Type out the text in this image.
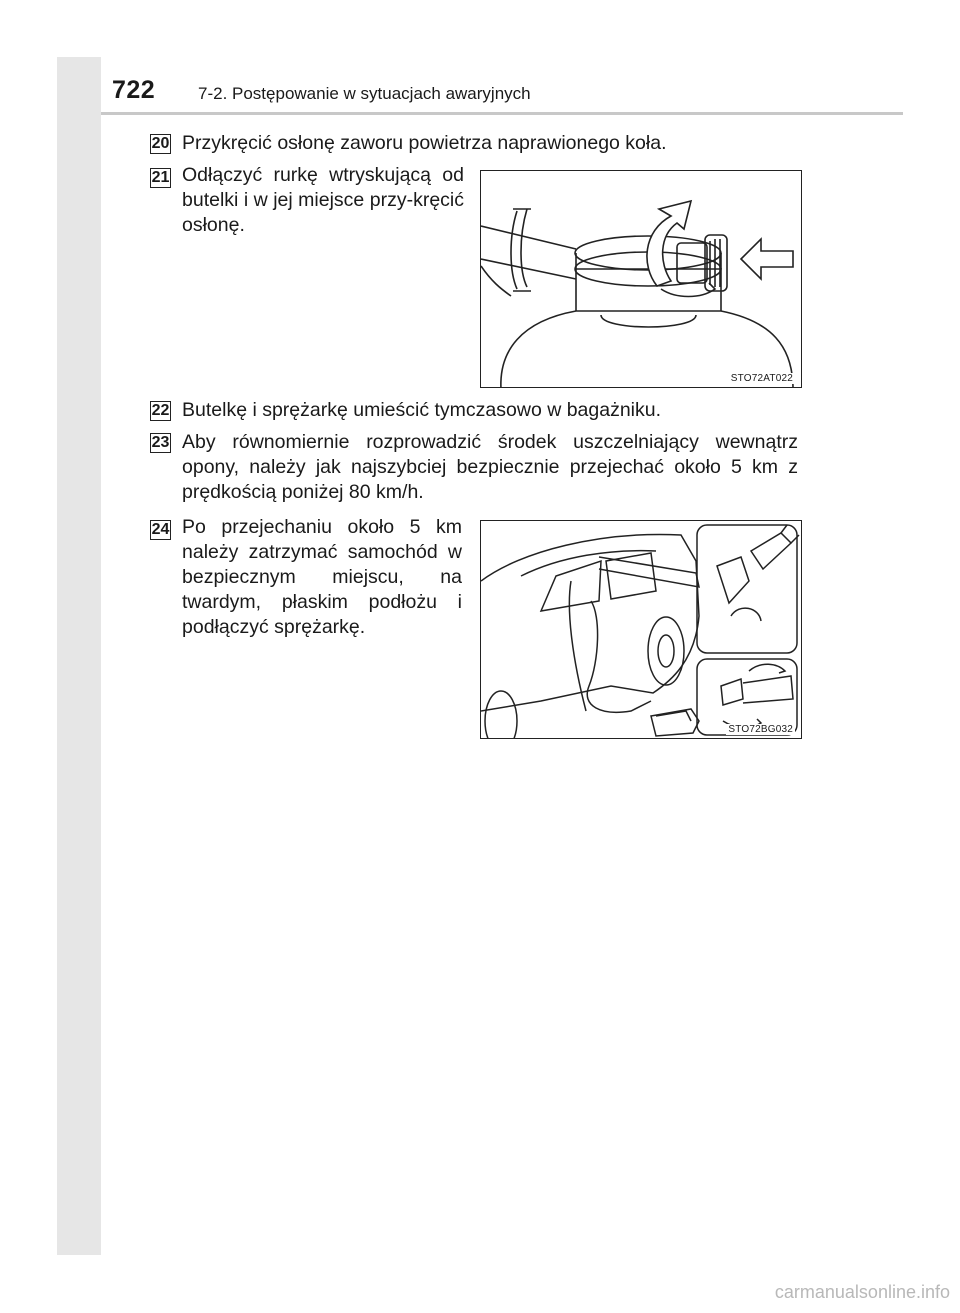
722	7-2. Postępowanie w sytuacjach awaryjnych
20 Przykręcić osłonę zaworu powietrza naprawionego koła.
21 Odłączyć rurkę wtryskującą od butelki i w jej miejsce przy-kręcić osłonę.
STO72AT022
22 Butelkę i sprężarkę umieścić tymczasowo w bagażniku.
23 Aby równomiernie rozprowadzić środek uszczelniający wewnątrz opony, należy jak najszybciej bezpiecznie przejechać około 5 km z prędkością poniżej 80 km/h.
24 Po przejechaniu około 5 km należy zatrzymać samochód w bezpiecznym miejscu, na twardym, płaskim podłożu i podłączyć sprężarkę.
STO72BG032
carmanualsonline.info
